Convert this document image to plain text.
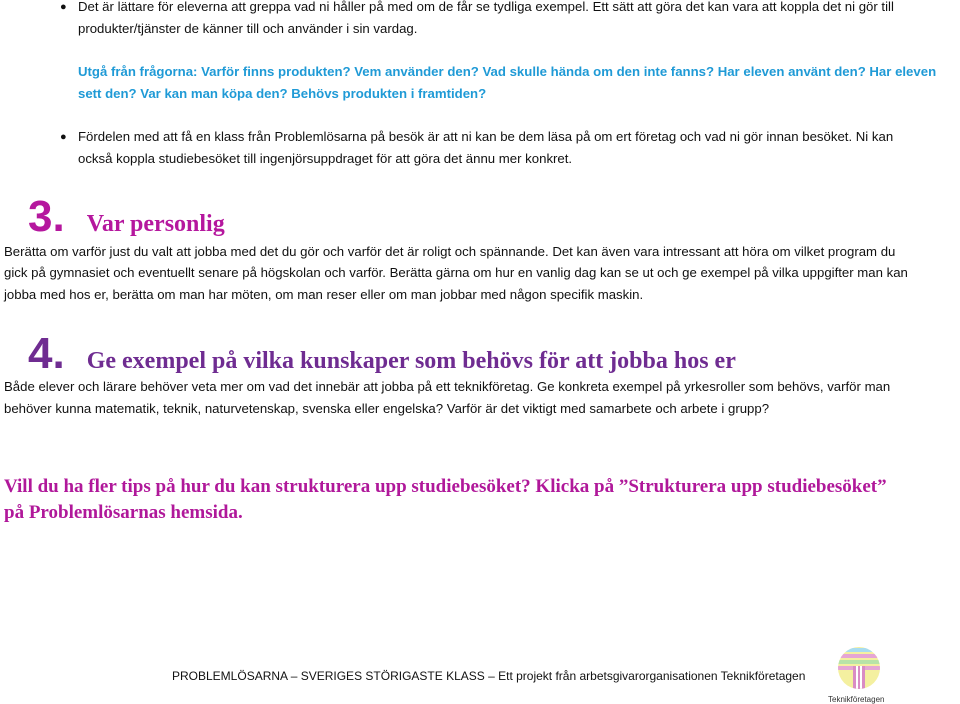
● Det är lättare för eleverna att greppa vad ni håller på med om de får se tydliga exempel. Ett sätt att göra det kan vara att koppla det ni gör till
produkter/tjänster de känner till och använder i sin vardag.
Utgå från frågorna: Varför finns produkten? Vem använder den? Vad skulle hända om den inte fanns? Har eleven använt den? Har eleven
sett den? Var kan man köpa den? Behövs produkten i framtiden?
● Fördelen med att få en klass från Problemlösarna på besök är att ni kan be dem läsa på om ert företag och vad ni gör innan besöket. Ni kan
också koppla studiebesöket till ingenjörsuppdraget för att göra det ännu mer konkret.
3. Var personlig
Berätta om varför just du valt att jobba med det du gör och varför det är roligt och spännande. Det kan även vara intressant att höra om vilket program du
gick på gymnasiet och eventuellt senare på högskolan och varför. Berätta gärna om hur en vanlig dag kan se ut och ge exempel på vilka uppgifter man kan
jobba med hos er, berätta om man har möten, om man reser eller om man jobbar med någon specifik maskin.
4. Ge exempel på vilka kunskaper som behövs för att jobba hos er
Både elever och lärare behöver veta mer om vad det innebär att jobba på ett teknikföretag. Ge konkreta exempel på yrkesroller som behövs, varför man
behöver kunna matematik, teknik, naturvetenskap, svenska eller engelska? Varför är det viktigt med samarbete och arbete i grupp?
Vill du ha fler tips på hur du kan strukturera upp studiebesöket? Klicka på ”Strukturera upp studiebesöket”
på Problemlösarnas hemsida.
PROBLEMLÖSARNA – SVERIGES STÖRIGASTE KLASS – Ett projekt från arbetsgivarorganisationen Teknikföretagen
Teknikföretagen
